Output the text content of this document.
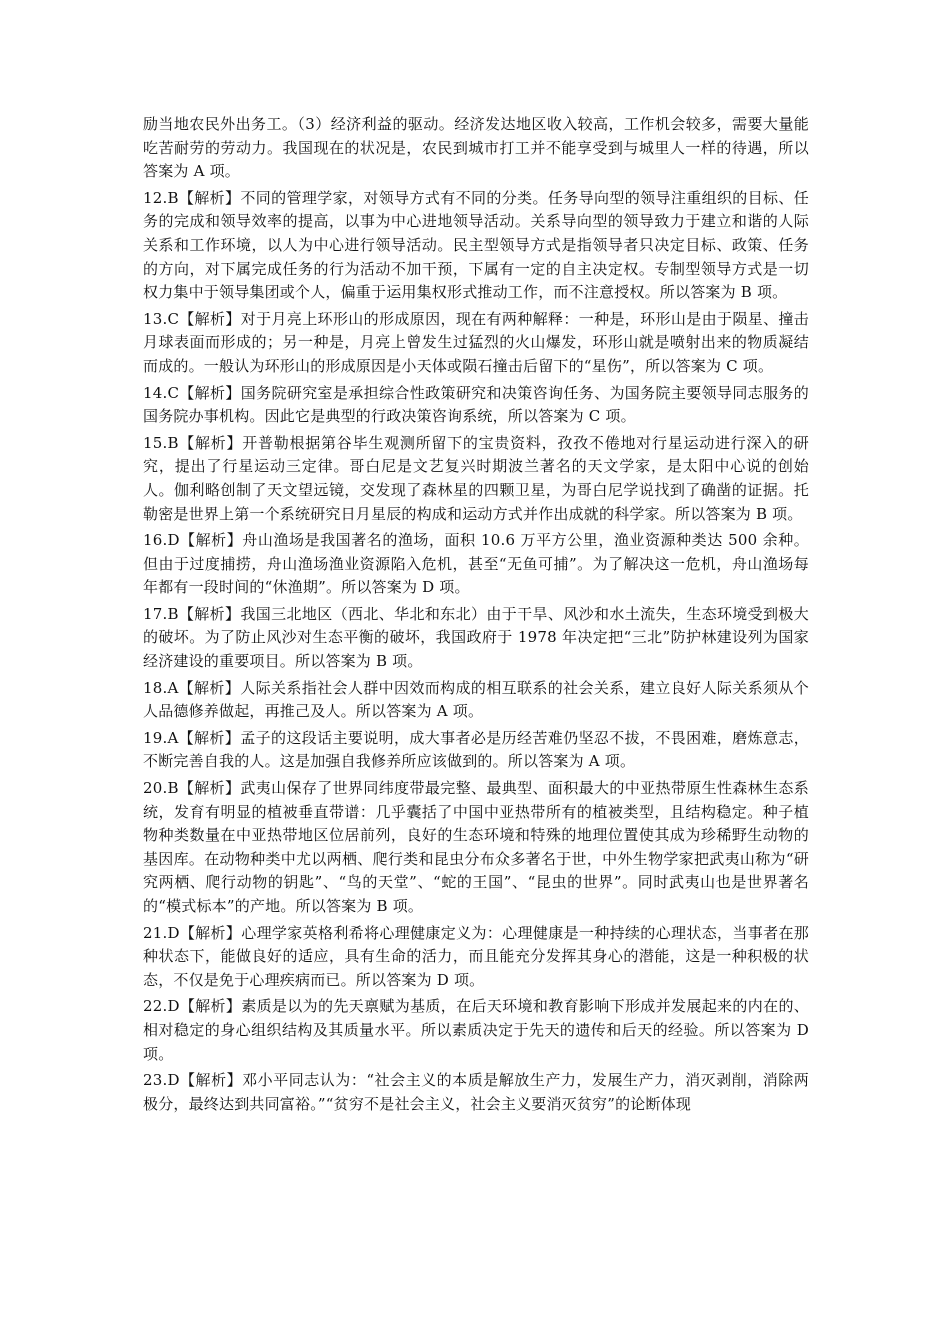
励当地农民外出务工。（3）经济利益的驱动。经济发达地区收入较高，工作机会较多，需要大量能吃苦耐劳的劳动力。我国现在的状况是，农民到城市打工并不能享受到与城里人一样的待遇，所以答案为 A 项。

12.B【解析】不同的管理学家，对领导方式有不同的分类。任务导向型的领导注重组织的目标、任务的完成和领导效率的提高，以事为中心进地领导活动。关系导向型的领导致力于建立和谐的人际关系和工作环境，以人为中心进行领导活动。民主型领导方式是指领导者只决定目标、政策、任务的方向，对下属完成任务的行为活动不加干预，下属有一定的自主决定权。专制型领导方式是一切权力集中于领导集团或个人，偏重于运用集权形式推动工作，而不注意授权。所以答案为 B 项。

13.C【解析】对于月亮上环形山的形成原因，现在有两种解释：一种是，环形山是由于陨星、撞击月球表面而形成的；另一种是，月亮上曾发生过猛烈的火山爆发，环形山就是喷射出来的物质凝结而成的。一般认为环形山的形成原因是小天体或陨石撞击后留下的“星伤”，所以答案为 C 项。

14.C【解析】国务院研究室是承担综合性政策研究和决策咨询任务、为国务院主要领导同志服务的国务院办事机构。因此它是典型的行政决策咨询系统，所以答案为 C 项。

15.B【解析】开普勒根据第谷毕生观测所留下的宝贵资料，孜孜不倦地对行星运动进行深入的研究，提出了行星运动三定律。哥白尼是文艺复兴时期波兰著名的天文学家，是太阳中心说的创始人。伽利略创制了天文望远镜，交发现了森林星的四颗卫星，为哥白尼学说找到了确凿的证据。托勒密是世界上第一个系统研究日月星辰的构成和运动方式并作出成就的科学家。所以答案为 B 项。

16.D【解析】舟山渔场是我国著名的渔场，面积 10.6 万平方公里，渔业资源种类达 500 余种。但由于过度捕捞，舟山渔场渔业资源陷入危机，甚至“无鱼可捕”。为了解决这一危机，舟山渔场每年都有一段时间的“休渔期”。所以答案为 D 项。

17.B【解析】我国三北地区（西北、华北和东北）由于干旱、风沙和水土流失，生态环境受到极大的破坏。为了防止风沙对生态平衡的破坏，我国政府于 1978 年决定把“三北”防护林建设列为国家经济建设的重要项目。所以答案为 B 项。

18.A【解析】人际关系指社会人群中因效而构成的相互联系的社会关系，建立良好人际关系须从个人品德修养做起，再推己及人。所以答案为 A 项。

19.A【解析】孟子的这段话主要说明，成大事者必是历经苦难仍坚忍不拔，不畏困难，磨炼意志，不断完善自我的人。这是加强自我修养所应该做到的。所以答案为 A 项。

20.B【解析】武夷山保存了世界同纬度带最完整、最典型、面积最大的中亚热带原生性森林生态系统，发育有明显的植被垂直带谱：几乎囊括了中国中亚热带所有的植被类型，且结构稳定。种子植物种类数量在中亚热带地区位居前列，良好的生态环境和特殊的地理位置使其成为珍稀野生动物的基因库。在动物种类中尤以两栖、爬行类和昆虫分布众多著名于世，中外生物学家把武夷山称为“研究两栖、爬行动物的钥匙”、“鸟的天堂”、“蛇的王国”、“昆虫的世界”。同时武夷山也是世界著名的“模式标本”的产地。所以答案为 B 项。

21.D【解析】心理学家英格利希将心理健康定义为：心理健康是一种持续的心理状态，当事者在那种状态下，能做良好的适应，具有生命的活力，而且能充分发挥其身心的潜能，这是一种积极的状态，不仅是免于心理疾病而已。所以答案为 D 项。

22.D【解析】素质是以为的先天禀赋为基质，在后天环境和教育影响下形成并发展起来的内在的、相对稳定的身心组织结构及其质量水平。所以素质决定于先天的遗传和后天的经验。所以答案为 D 项。

23.D【解析】邓小平同志认为：“社会主义的本质是解放生产力，发展生产力，消灭剥削，消除两极分，最终达到共同富裕。”“贫穷不是社会主义，社会主义要消灭贫穷”的论断体现
